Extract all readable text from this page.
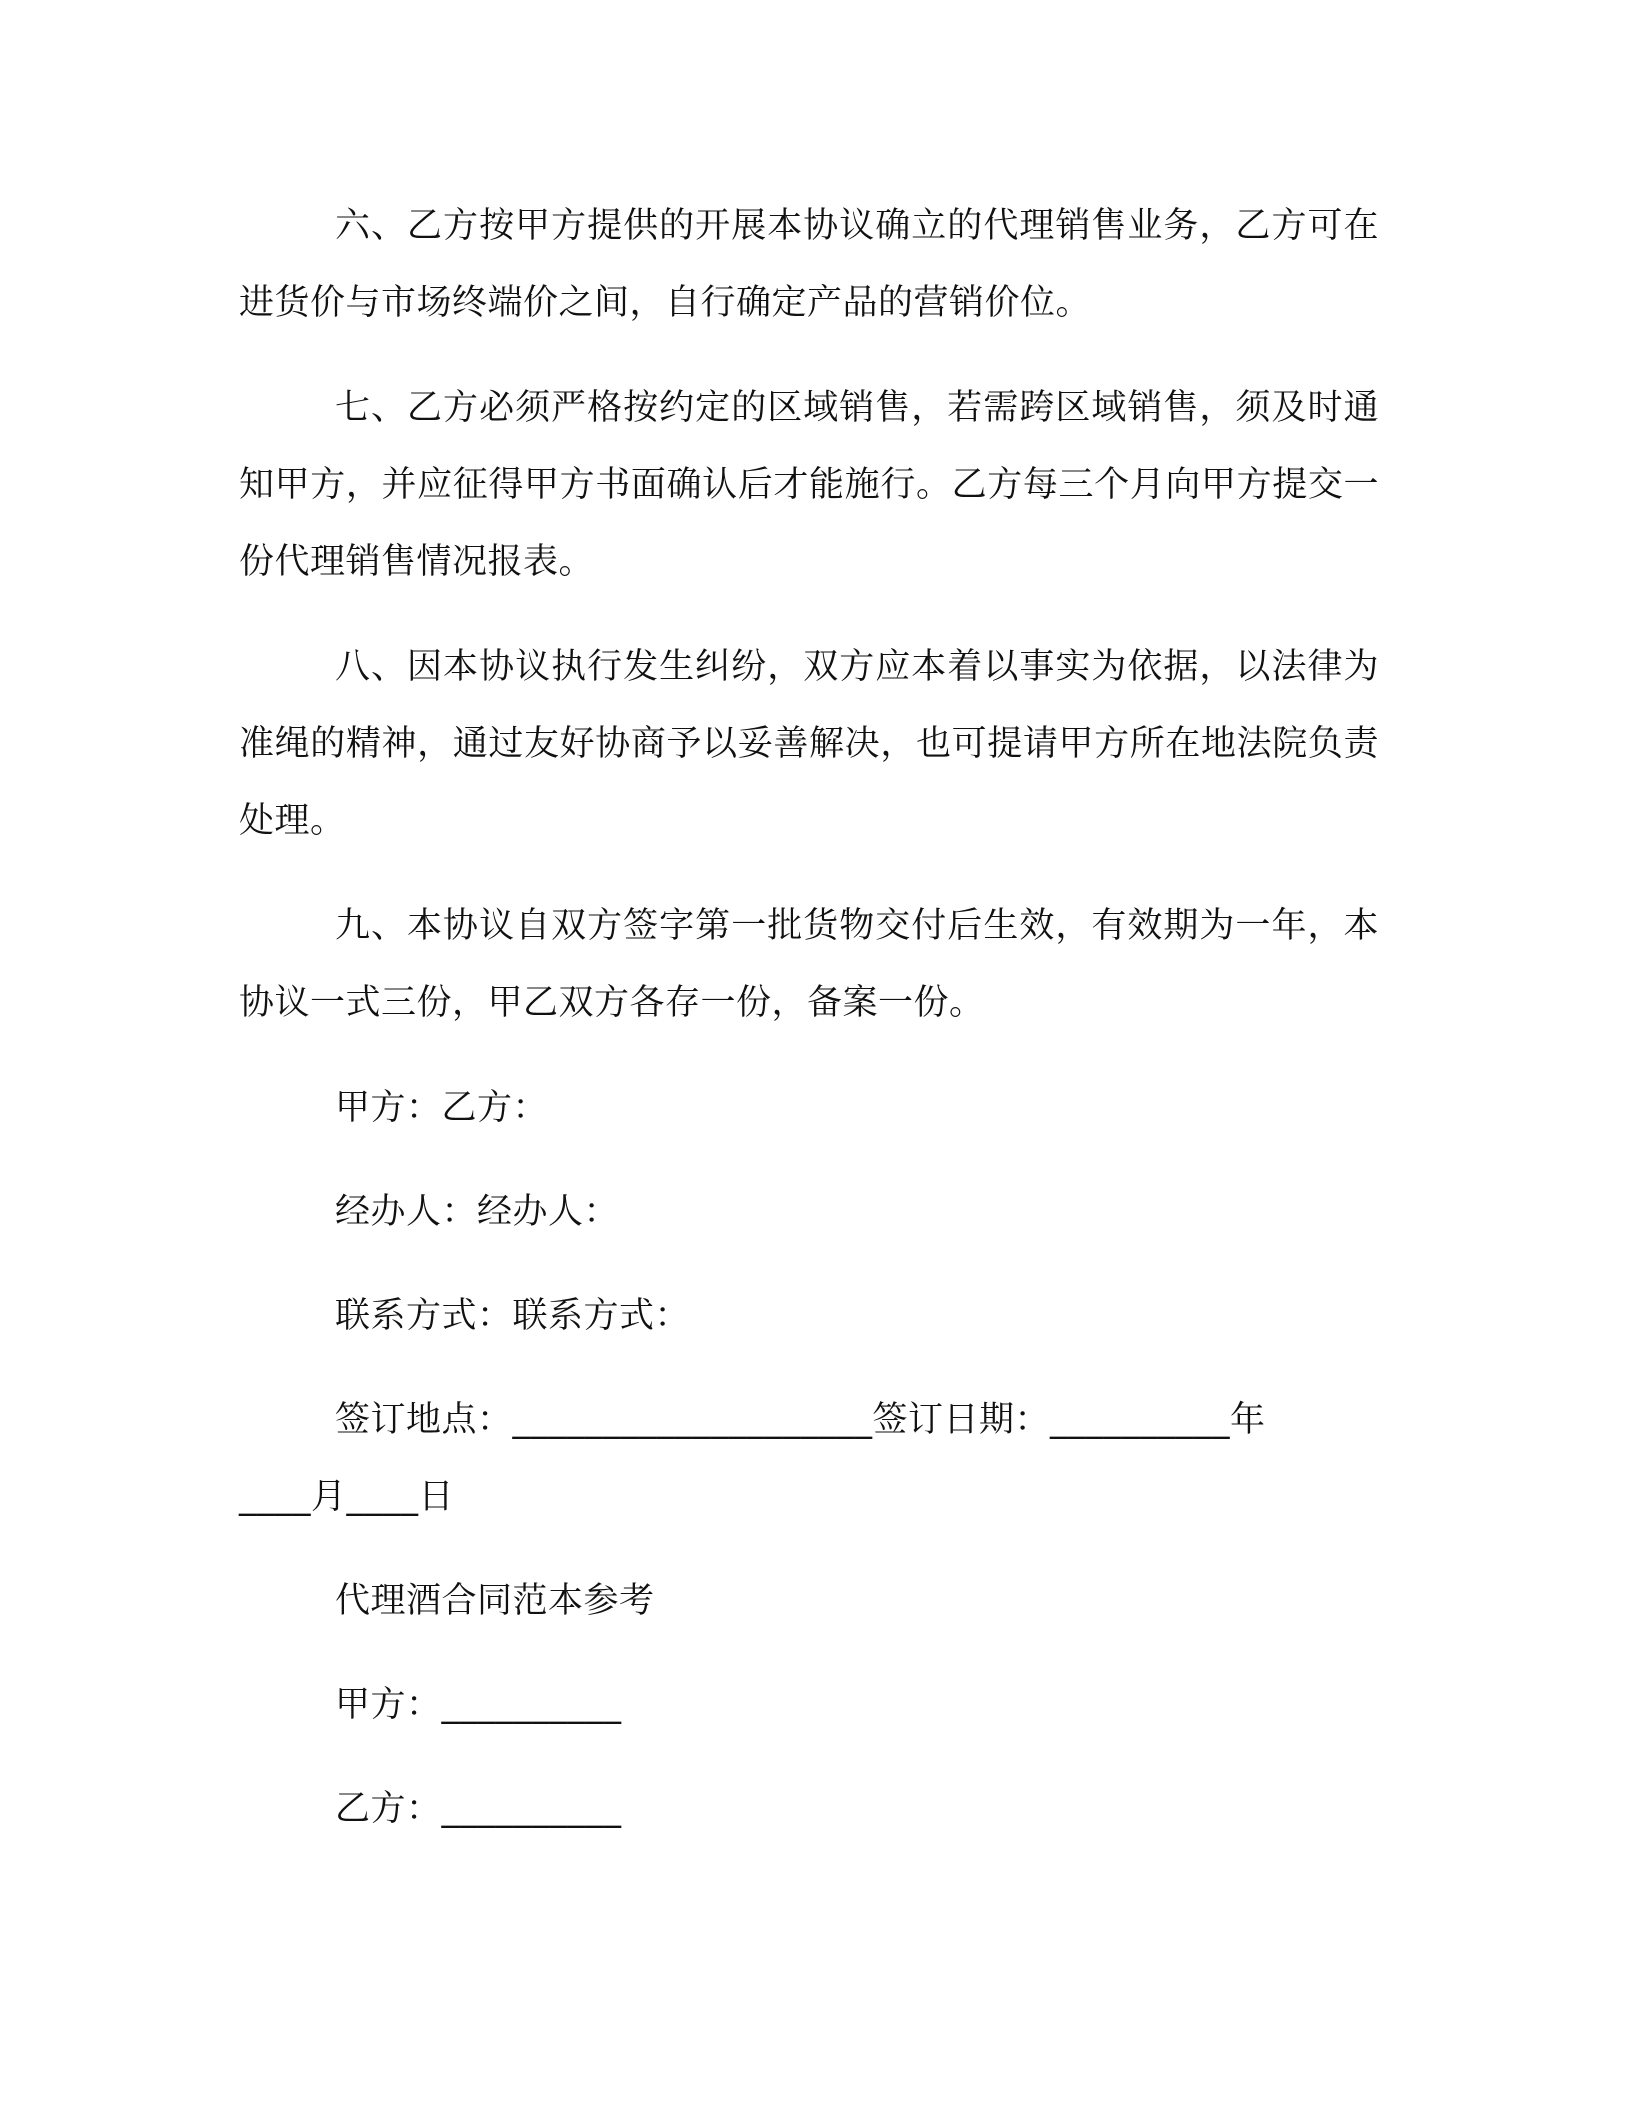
六、乙方按甲方提供的开展本协议确立的代理销售业务，乙方可在进货价与市场终端价之间，自行确定产品的营销价位。

七、乙方必须严格按约定的区域销售，若需跨区域销售，须及时通知甲方，并应征得甲方书面确认后才能施行。乙方每三个月向甲方提交一份代理销售情况报表。

八、因本协议执行发生纠纷，双方应本着以事实为依据，以法律为准绳的精神，通过友好协商予以妥善解决，也可提请甲方所在地法院负责处理。

九、本协议自双方签字第一批货物交付后生效，有效期为一年，本协议一式三份，甲乙双方各存一份，备案一份。

甲方：乙方：
经办人：经办人：
联系方式：联系方式：
签订地点：____________________签订日期：__________年
____月____日
代理酒合同范本参考
甲方：__________
乙方：__________
